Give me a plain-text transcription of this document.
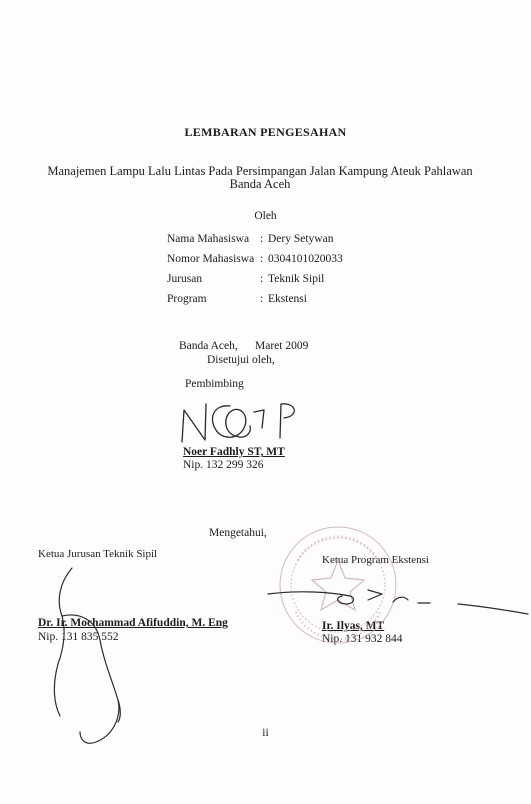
LEMBARAN PENGESAHAN
Manajemen Lampu Lalu Lintas Pada Persimpangan Jalan Kampung Ateuk Pahlawan Banda Aceh
Oleh
Nama Mahasiswa : Dery Setywan
Nomor Mahasiswa : 0304101020033
Jurusan	: Teknik Sipil
Program	: Ekstensi
Banda Aceh,      Maret 2009
Disetujui oleh,
Pembimbing
Noer Fadhly ST, MT
Nip. 132 299 326
Mengetahui,
Ketua Jurusan Teknik Sipil	Ketua Program Ekstensi
Dr. Ir. Mochammad Afifuddin, M. Eng
Nip. 131 835 552
Ir. Ilyas, MT
Nip. 131 932 844
ii
